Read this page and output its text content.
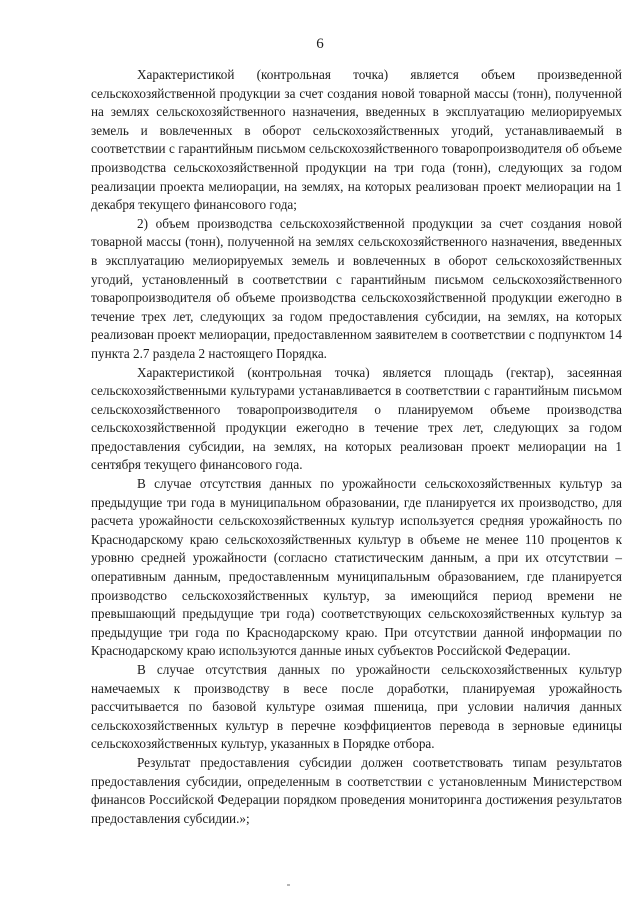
6

Характеристикой (контрольная точка) является объем произведенной сельскохозяйственной продукции за счет создания новой товарной массы (тонн), полученной на землях сельскохозяйственного назначения, введенных в эксплуатацию мелиорируемых земель и вовлеченных в оборот сельскохозяйственных угодий, устанавливаемый в соответствии с гарантийным письмом сельскохозяйственного товаропроизводителя об объеме производства сельскохозяйственной продукции на три года (тонн), следующих за годом реализации проекта мелиорации, на землях, на которых реализован проект мелиорации на 1 декабря текущего финансового года;

2) объем производства сельскохозяйственной продукции за счет создания новой товарной массы (тонн), полученной на землях сельскохозяйственного назначения, введенных в эксплуатацию мелиорируемых земель и вовлеченных в оборот сельскохозяйственных угодий, установленный в соответствии с гарантийным письмом сельскохозяйственного товаропроизводителя об объеме производства сельскохозяйственной продукции ежегодно в течение трех лет, следующих за годом предоставления субсидии, на землях, на которых реализован проект мелиорации, предоставленном заявителем в соответствии с подпунктом 14 пункта 2.7 раздела 2 настоящего Порядка.

Характеристикой (контрольная точка) является площадь (гектар), засеянная сельскохозяйственными культурами устанавливается в соответствии с гарантийным письмом сельскохозяйственного товаропроизводителя о планируемом объеме производства сельскохозяйственной продукции ежегодно в течение трех лет, следующих за годом предоставления субсидии, на землях, на которых реализован проект мелиорации на 1 сентября текущего финансового года.

В случае отсутствия данных по урожайности сельскохозяйственных культур за предыдущие три года в муниципальном образовании, где планируется их производство, для расчета урожайности сельскохозяйственных культур используется средняя урожайность по Краснодарскому краю сельскохозяйственных культур в объеме не менее 110 процентов к уровню средней урожайности (согласно статистическим данным, а при их отсутствии – оперативным данным, предоставленным муниципальным образованием, где планируется производство сельскохозяйственных культур, за имеющийся период времени не превышающий предыдущие три года) соответствующих сельскохозяйственных культур за предыдущие три года по Краснодарскому краю. При отсутствии данной информации по Краснодарскому краю используются данные иных субъектов Российской Федерации.

В случае отсутствия данных по урожайности сельскохозяйственных культур намечаемых к производству в весе после доработки, планируемая урожайность рассчитывается по базовой культуре озимая пшеница, при условии наличия данных сельскохозяйственных культур в перечне коэффициентов перевода в зерновые единицы сельскохозяйственных культур, указанных в Порядке отбора.

Результат предоставления субсидии должен соответствовать типам результатов предоставления субсидии, определенным в соответствии с установленным Министерством финансов Российской Федерации порядком проведения мониторинга достижения результатов предоставления субсидии.»;
